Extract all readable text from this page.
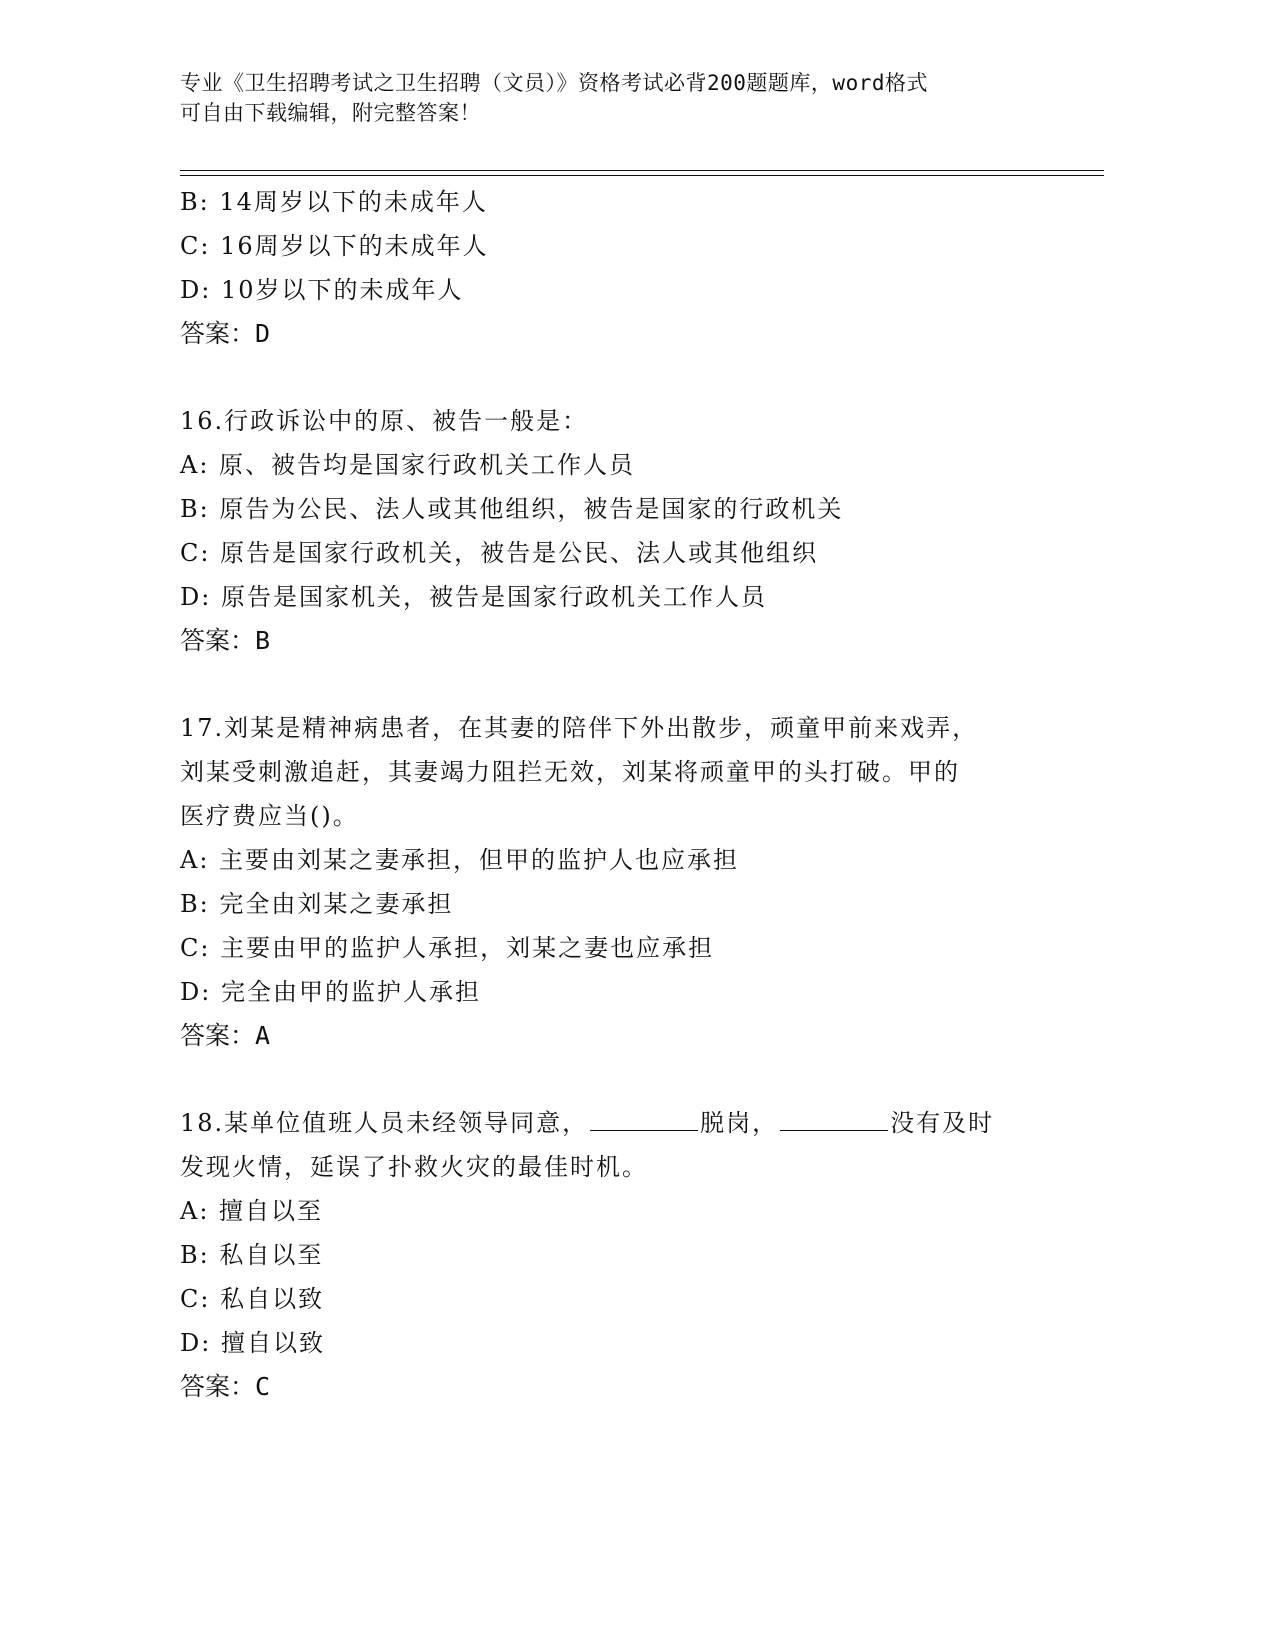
专业《卫生招聘考试之卫生招聘（文员）》资格考试必背200题题库，word格式
可自由下载编辑，附完整答案！
B: 14周岁以下的未成年人
C: 16周岁以下的未成年人
D: 10岁以下的未成年人
答案：D
16.行政诉讼中的原、被告一般是：
A: 原、被告均是国家行政机关工作人员
B: 原告为公民、法人或其他组织，被告是国家的行政机关
C: 原告是国家行政机关，被告是公民、法人或其他组织
D: 原告是国家机关，被告是国家行政机关工作人员
答案：B
17.刘某是精神病患者，在其妻的陪伴下外出散步，顽童甲前来戏弄，
刘某受刺激追赶，其妻竭力阻拦无效，刘某将顽童甲的头打破。甲的
医疗费应当()。
A: 主要由刘某之妻承担，但甲的监护人也应承担
B: 完全由刘某之妻承担
C: 主要由甲的监护人承担，刘某之妻也应承担
D: 完全由甲的监护人承担
答案：A
18.某单位值班人员未经领导同意，	脱岗，	没有及时
发现火情，延误了扑救火灾的最佳时机。
A: 擅自以至
B: 私自以至
C: 私自以致
D: 擅自以致
答案：C
